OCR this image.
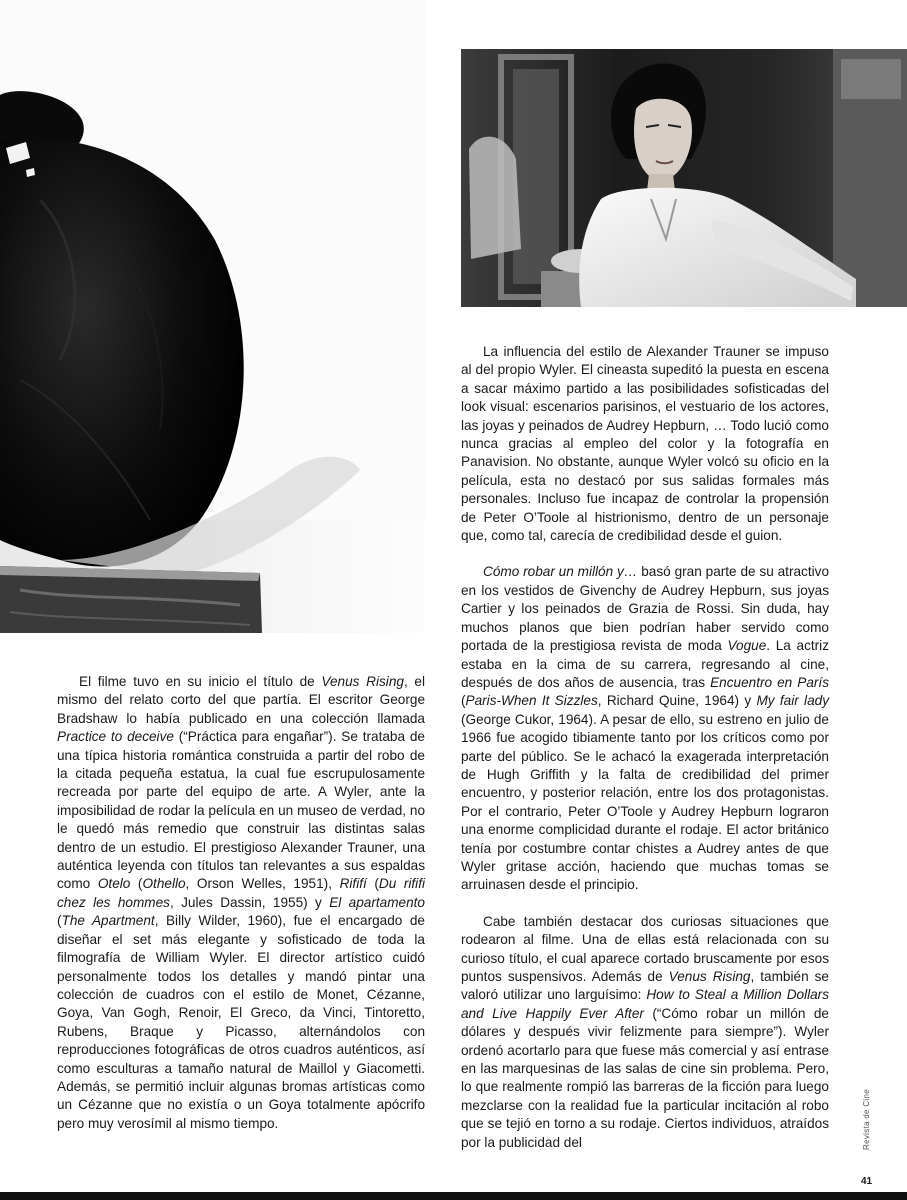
El filme tuvo en su inicio el título de Venus Rising, el mismo del relato corto del que partía. El escritor George Bradshaw lo había publicado en una colección llamada Practice to deceive (“Práctica para engañar”). Se trataba de una típica historia romántica construida a partir del robo de la citada pequeña estatua, la cual fue escrupulosamente recreada por parte del equipo de arte. A Wyler, ante la imposibilidad de rodar la película en un museo de verdad, no le quedó más remedio que construir las distintas salas dentro de un estudio. El prestigioso Alexander Trauner, una auténtica leyenda con títulos tan relevantes a sus espaldas como Otelo (Othello, Orson Welles, 1951), Rififí (Du rififi chez les hommes, Jules Dassin, 1955) y El apartamento (The Apartment, Billy Wilder, 1960), fue el encargado de diseñar el set más elegante y sofisticado de toda la filmografía de William Wyler. El director artístico cuidó personalmente todos los detalles y mandó pintar una colección de cuadros con el estilo de Monet, Cézanne, Goya, Van Gogh, Renoir, El Greco, da Vinci, Tintoretto, Rubens, Braque y Picasso, alternándolos con reproducciones fotográficas de otros cuadros auténticos, así como esculturas a tamaño natural de Maillol y Giacometti. Además, se permitió incluir algunas bromas artísticas como un Cézanne que no existía o un Goya totalmente apócrifo pero muy verosímil al mismo tiempo.

La influencia del estilo de Alexander Trauner se impuso al del propio Wyler. El cineasta supeditó la puesta en escena a sacar máximo partido a las posibilidades sofisticadas del look visual: escenarios parisinos, el vestuario de los actores, las joyas y peinados de Audrey Hepburn, … Todo lució como nunca gracias al empleo del color y la fotografía en Panavision. No obstante, aunque Wyler volcó su oficio en la película, esta no destacó por sus salidas formales más personales. Incluso fue incapaz de controlar la propensión de Peter O’Toole al histrionismo, dentro de un personaje que, como tal, carecía de credibilidad desde el guion.

Cómo robar un millón y… basó gran parte de su atractivo en los vestidos de Givenchy de Audrey Hepburn, sus joyas Cartier y los peinados de Grazia de Rossi. Sin duda, hay muchos planos que bien podrían haber servido como portada de la prestigiosa revista de moda Vogue. La actriz estaba en la cima de su carrera, regresando al cine, después de dos años de ausencia, tras Encuentro en París (Paris-When It Sizzles, Richard Quine, 1964) y My fair lady (George Cukor, 1964). A pesar de ello, su estreno en julio de 1966 fue acogido tibiamente tanto por los críticos como por parte del público. Se le achacó la exagerada interpretación de Hugh Griffith y la falta de credibilidad del primer encuentro, y posterior relación, entre los dos protagonistas. Por el contrario, Peter O’Toole y Audrey Hepburn lograron una enorme complicidad durante el rodaje. El actor británico tenía por costumbre contar chistes a Audrey antes de que Wyler gritase acción, haciendo que muchas tomas se arruinasen desde el principio.

Cabe también destacar dos curiosas situaciones que rodearon al filme. Una de ellas está relacionada con su curioso título, el cual aparece cortado bruscamente por esos puntos suspensivos. Además de Venus Rising, también se valoró utilizar uno larguísimo: How to Steal a Million Dollars and Live Happily Ever After (“Cómo robar un millón de dólares y después vivir felizmente para siempre”). Wyler ordenó acortarlo para que fuese más comercial y así entrase en las marquesinas de las salas de cine sin problema. Pero, lo que realmente rompió las barreras de la ficción para luego mezclarse con la realidad fue la particular incitación al robo que se tejió en torno a su rodaje. Ciertos individuos, atraídos por la publicidad del	Revista de Cine
41
